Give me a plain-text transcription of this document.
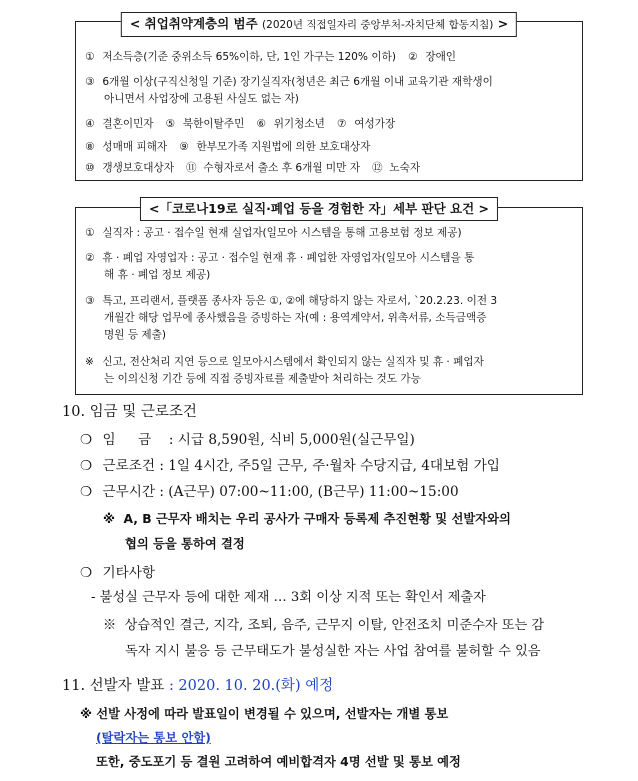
< 취업취약계층의 범주 (2020년 직접일자리 중앙부처-자치단체 합동지침) >
① 저소득층(기준 중위소득 65%이하, 단, 1인 가구는 120% 이하) ② 장애인
③ 6개월 이상(구직신청일 기준) 장기실직자(청년은 최근 6개월 이내 교육기관 재학생이
아니면서 사업장에 고용된 사실도 없는 자)
④ 결혼이민자 ⑤ 북한이탈주민 ⑥ 위기청소년 ⑦ 여성가장
⑧ 성매매 피해자 ⑨ 한부모가족 지원법에 의한 보호대상자
⑩ 갱생보호대상자 ⑪ 수형자로서 출소 후 6개월 미만 자 ⑫ 노숙자
<「코로나19로 실직·폐업 등을 경험한 자」세부 판단 요건 >
① 실직자 : 공고 · 접수일 현재 실업자(일모아 시스템을 통해 고용보험 정보 제공)
② 휴 · 폐업 자영업자 : 공고 · 접수일 현재 휴 · 폐업한 자영업자(일모아 시스템을 통
해 휴 · 폐업 정보 제공)
③ 특고, 프리랜서, 플랫폼 종사자 등은 ①, ②에 해당하지 않는 자로서, `20.2.23. 이전 3
개월간 해당 업무에 종사했음을 증빙하는 자(예 : 용역계약서, 위촉서류, 소득금액증
명원 등 제출)
※ 신고, 전산처리 지연 등으로 일모아시스템에서 확인되지 않는 실직자 및 휴 · 폐업자
는 이의신청 기간 등에 직접 증빙자료를 제출받아 처리하는 것도 가능
10. 임금 및 근로조건
❍ 임 금 : 시급 8,590원, 식비 5,000원(실근무일)
❍ 근로조건 : 1일 4시간, 주5일 근무, 주·월차 수당지급, 4대보험 가입
❍ 근무시간 : (A근무) 07:00~11:00, (B근무) 11:00~15:00
※ A, B 근무자 배치는 우리 공사가 구매자 등록제 추진현황 및 선발자와의
협의 등을 통하여 결정
❍ 기타사항
- 불성실 근무자 등에 대한 제재 … 3회 이상 지적 또는 확인서 제출자
※ 상습적인 결근, 지각, 조퇴, 음주, 근무지 이탈, 안전조치 미준수자 또는 감
독자 지시 불응 등 근무태도가 불성실한 자는 사업 참여를 불허할 수 있음
11. 선발자 발표 : 2020. 10. 20.(화) 예정
※ 선발 사정에 따라 발표일이 변경될 수 있으며, 선발자는 개별 통보
(탈락자는 통보 안함)
또한, 중도포기 등 결원 고려하여 예비합격자 4명 선발 및 통보 예정
